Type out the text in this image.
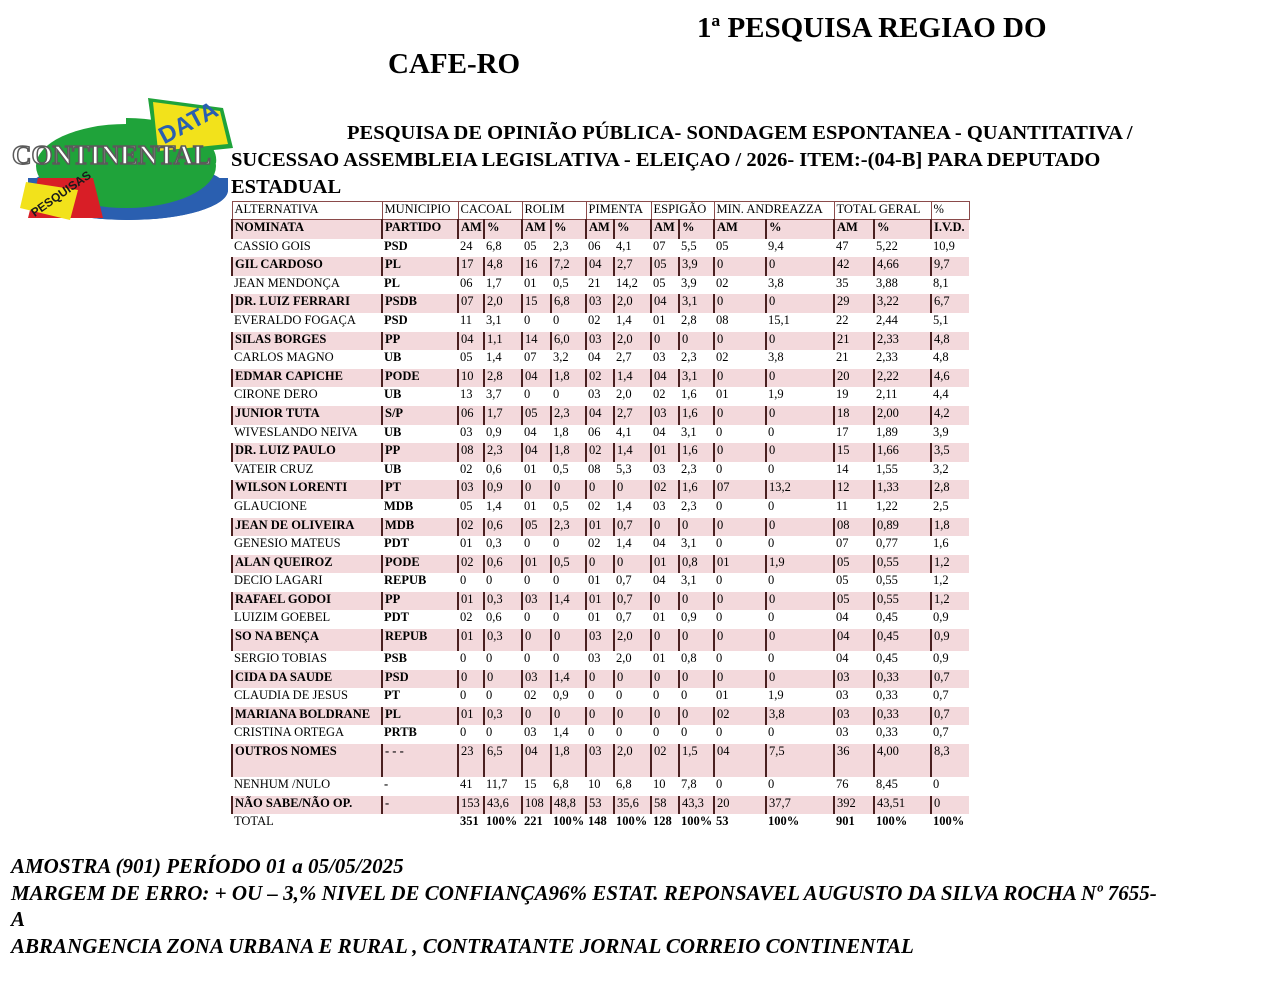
1ª PESQUISA REGIAO DO
CAFE-RO
DATA
PESQUISAS
CONTINENTAL
PESQUISA DE OPINIÃO PÚBLICA- SONDAGEM ESPONTANEA - QUANTITATIVA /
SUCESSAO ASSEMBLEIA LEGISLATIVA - ELEIÇAO / 2026- ITEM:-(04-B] PARA DEPUTADO
ESTADUAL
ALTERNATIVA	MUNICIPIO	CACOAL		ROLIM		PIMENTA		ESPIGÃO		MIN. ANDREAZZA		TOTAL GERAL		%
NOMINATA	PARTIDO	AM	%	AM	%	AM	%	AM	%	AM	%	AM	%	I.V.D.
CASSIO GOIS	PSD	24	6,8	05	2,3	06	4,1	07	5,5	05	9,4	47	5,22	10,9
GIL CARDOSO	PL	17	4,8	16	7,2	04	2,7	05	3,9	0	0	42	4,66	9,7
JEAN MENDONÇA	PL	06	1,7	01	0,5	21	14,2	05	3,9	02	3,8	35	3,88	8,1
DR. LUIZ FERRARI	PSDB	07	2,0	15	6,8	03	2,0	04	3,1	0	0	29	3,22	6,7
EVERALDO FOGAÇA	PSD	11	3,1	0	0	02	1,4	01	2,8	08	15,1	22	2,44	5,1
SILAS BORGES	PP	04	1,1	14	6,0	03	2,0	0	0	0	0	21	2,33	4,8
CARLOS MAGNO	UB	05	1,4	07	3,2	04	2,7	03	2,3	02	3,8	21	2,33	4,8
EDMAR CAPICHE	PODE	10	2,8	04	1,8	02	1,4	04	3,1	0	0	20	2,22	4,6
CIRONE DERO	UB	13	3,7	0	0	03	2,0	02	1,6	01	1,9	19	2,11	4,4
JUNIOR TUTA	S/P	06	1,7	05	2,3	04	2,7	03	1,6	0	0	18	2,00	4,2
WIVESLANDO NEIVA	UB	03	0,9	04	1,8	06	4,1	04	3,1	0	0	17	1,89	3,9
DR. LUIZ PAULO	PP	08	2,3	04	1,8	02	1,4	01	1,6	0	0	15	1,66	3,5
VATEIR CRUZ	UB	02	0,6	01	0,5	08	5,3	03	2,3	0	0	14	1,55	3,2
WILSON LORENTI	PT	03	0,9	0	0	0	0	02	1,6	07	13,2	12	1,33	2,8
GLAUCIONE	MDB	05	1,4	01	0,5	02	1,4	03	2,3	0	0	11	1,22	2,5
JEAN DE OLIVEIRA	MDB	02	0,6	05	2,3	01	0,7	0	0	0	0	08	0,89	1,8
GENESIO MATEUS	PDT	01	0,3	0	0	02	1,4	04	3,1	0	0	07	0,77	1,6
ALAN QUEIROZ	PODE	02	0,6	01	0,5	0	0	01	0,8	01	1,9	05	0,55	1,2
DECIO LAGARI	REPUB	0	0	0	0	01	0,7	04	3,1	0	0	05	0,55	1,2
RAFAEL GODOI	PP	01	0,3	03	1,4	01	0,7	0	0	0	0	05	0,55	1,2
LUIZIM GOEBEL	PDT	02	0,6	0	0	01	0,7	01	0,9	0	0	04	0,45	0,9
SO NA BENÇA	REPUB	01	0,3	0	0	03	2,0	0	0	0	0	04	0,45	0,9
SERGIO TOBIAS	PSB	0	0	0	0	03	2,0	01	0,8	0	0	04	0,45	0,9
CIDA DA SAUDE	PSD	0	0	03	1,4	0	0	0	0	0	0	03	0,33	0,7
CLAUDIA DE JESUS	PT	0	0	02	0,9	0	0	0	0	01	1,9	03	0,33	0,7
MARIANA BOLDRANE	PL	01	0,3	0	0	0	0	0	0	02	3,8	03	0,33	0,7
CRISTINA ORTEGA	PRTB	0	0	03	1,4	0	0	0	0	0	0	03	0,33	0,7
OUTROS NOMES	- - -	23	6,5	04	1,8	03	2,0	02	1,5	04	7,5	36	4,00	8,3
NENHUM /NULO	-	41	11,7	15	6,8	10	6,8	10	7,8	0	0	76	8,45	0
NÃO SABE/NÃO OP.	-	153	43,6	108	48,8	53	35,6	58	43,3	20	37,7	392	43,51	0
TOTAL		351	100%	221	100%	148	100%	128	100%	53	100%	901	100%	100%
AMOSTRA (901) PERÍODO 01 a 05/05/2025
MARGEM DE ERRO: + OU – 3,% NIVEL DE CONFIANÇA96% ESTAT. REPONSAVEL AUGUSTO DA SILVA ROCHA Nº 7655-
A
ABRANGENCIA ZONA URBANA E RURAL , CONTRATANTE JORNAL CORREIO CONTINENTAL
